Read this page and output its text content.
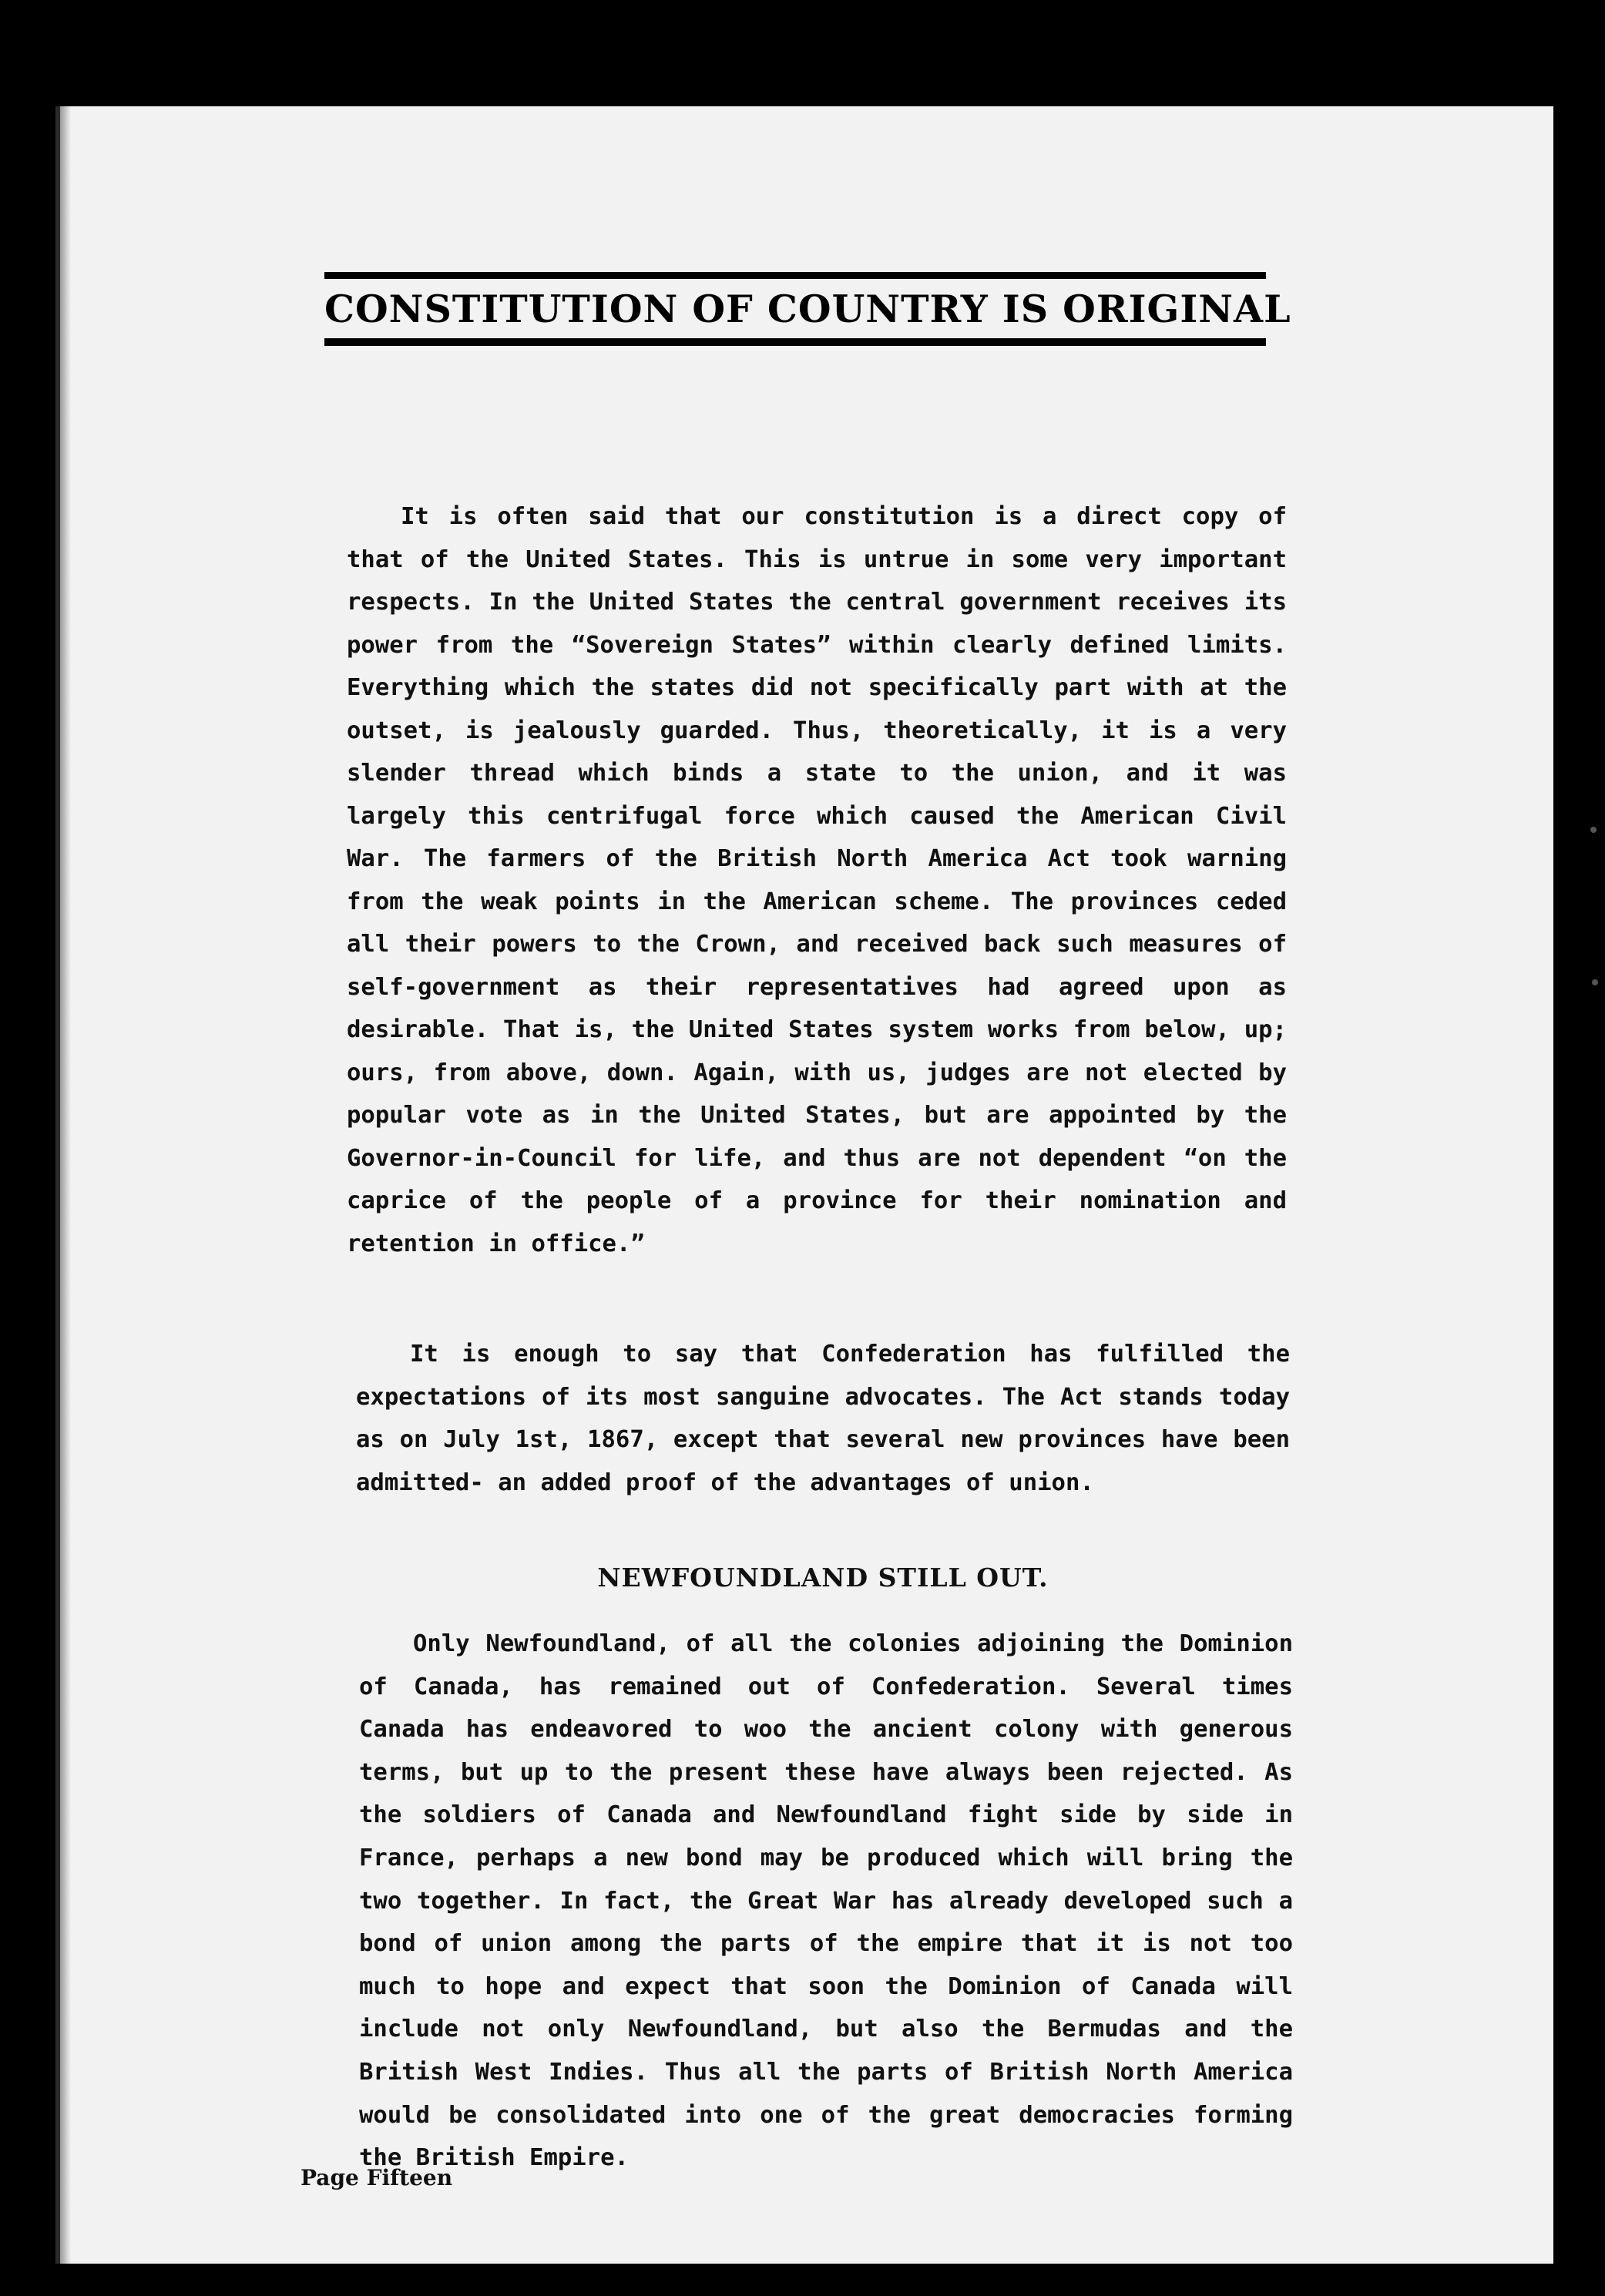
CONSTITUTION OF COUNTRY IS ORIGINAL

It is often said that our constitution is a direct copy of that of the United States. This is untrue in some very important respects. In the United States the central government receives its power from the “Sovereign States” within clearly defined limits. Everything which the states did not specifically part with at the outset, is jealously guarded. Thus, theoretically, it is a very slender thread which binds a state to the union, and it was largely this centrifugal force which caused the American Civil War. The farmers of the British North America Act took warning from the weak points in the American scheme. The provinces ceded all their powers to the Crown, and received back such measures of self-government as their representatives had agreed upon as desirable. That is, the United States system works from below, up; ours, from above, down. Again, with us, judges are not elected by popular vote as in the United States, but are appointed by the Governor-in-Council for life, and thus are not dependent “on the caprice of the people of a province for their nomination and retention in office.”

It is enough to say that Confederation has fulfilled the expectations of its most sanguine advocates. The Act stands today as on July 1st, 1867, except that several new provinces have been admitted- an added proof of the advantages of union.

NEWFOUNDLAND STILL OUT.

Only Newfoundland, of all the colonies adjoining the Dominion of Canada, has remained out of Confederation. Several times Canada has endeavored to woo the ancient colony with generous terms, but up to the present these have always been rejected. As the soldiers of Canada and Newfoundland fight side by side in France, perhaps a new bond may be produced which will bring the two together. In fact, the Great War has already developed such a bond of union among the parts of the empire that it is not too much to hope and expect that soon the Dominion of Canada will include not only Newfoundland, but also the Bermudas and the British West Indies. Thus all the parts of British North America would be consolidated into one of the great democracies forming the British Empire.

Page Fifteen
